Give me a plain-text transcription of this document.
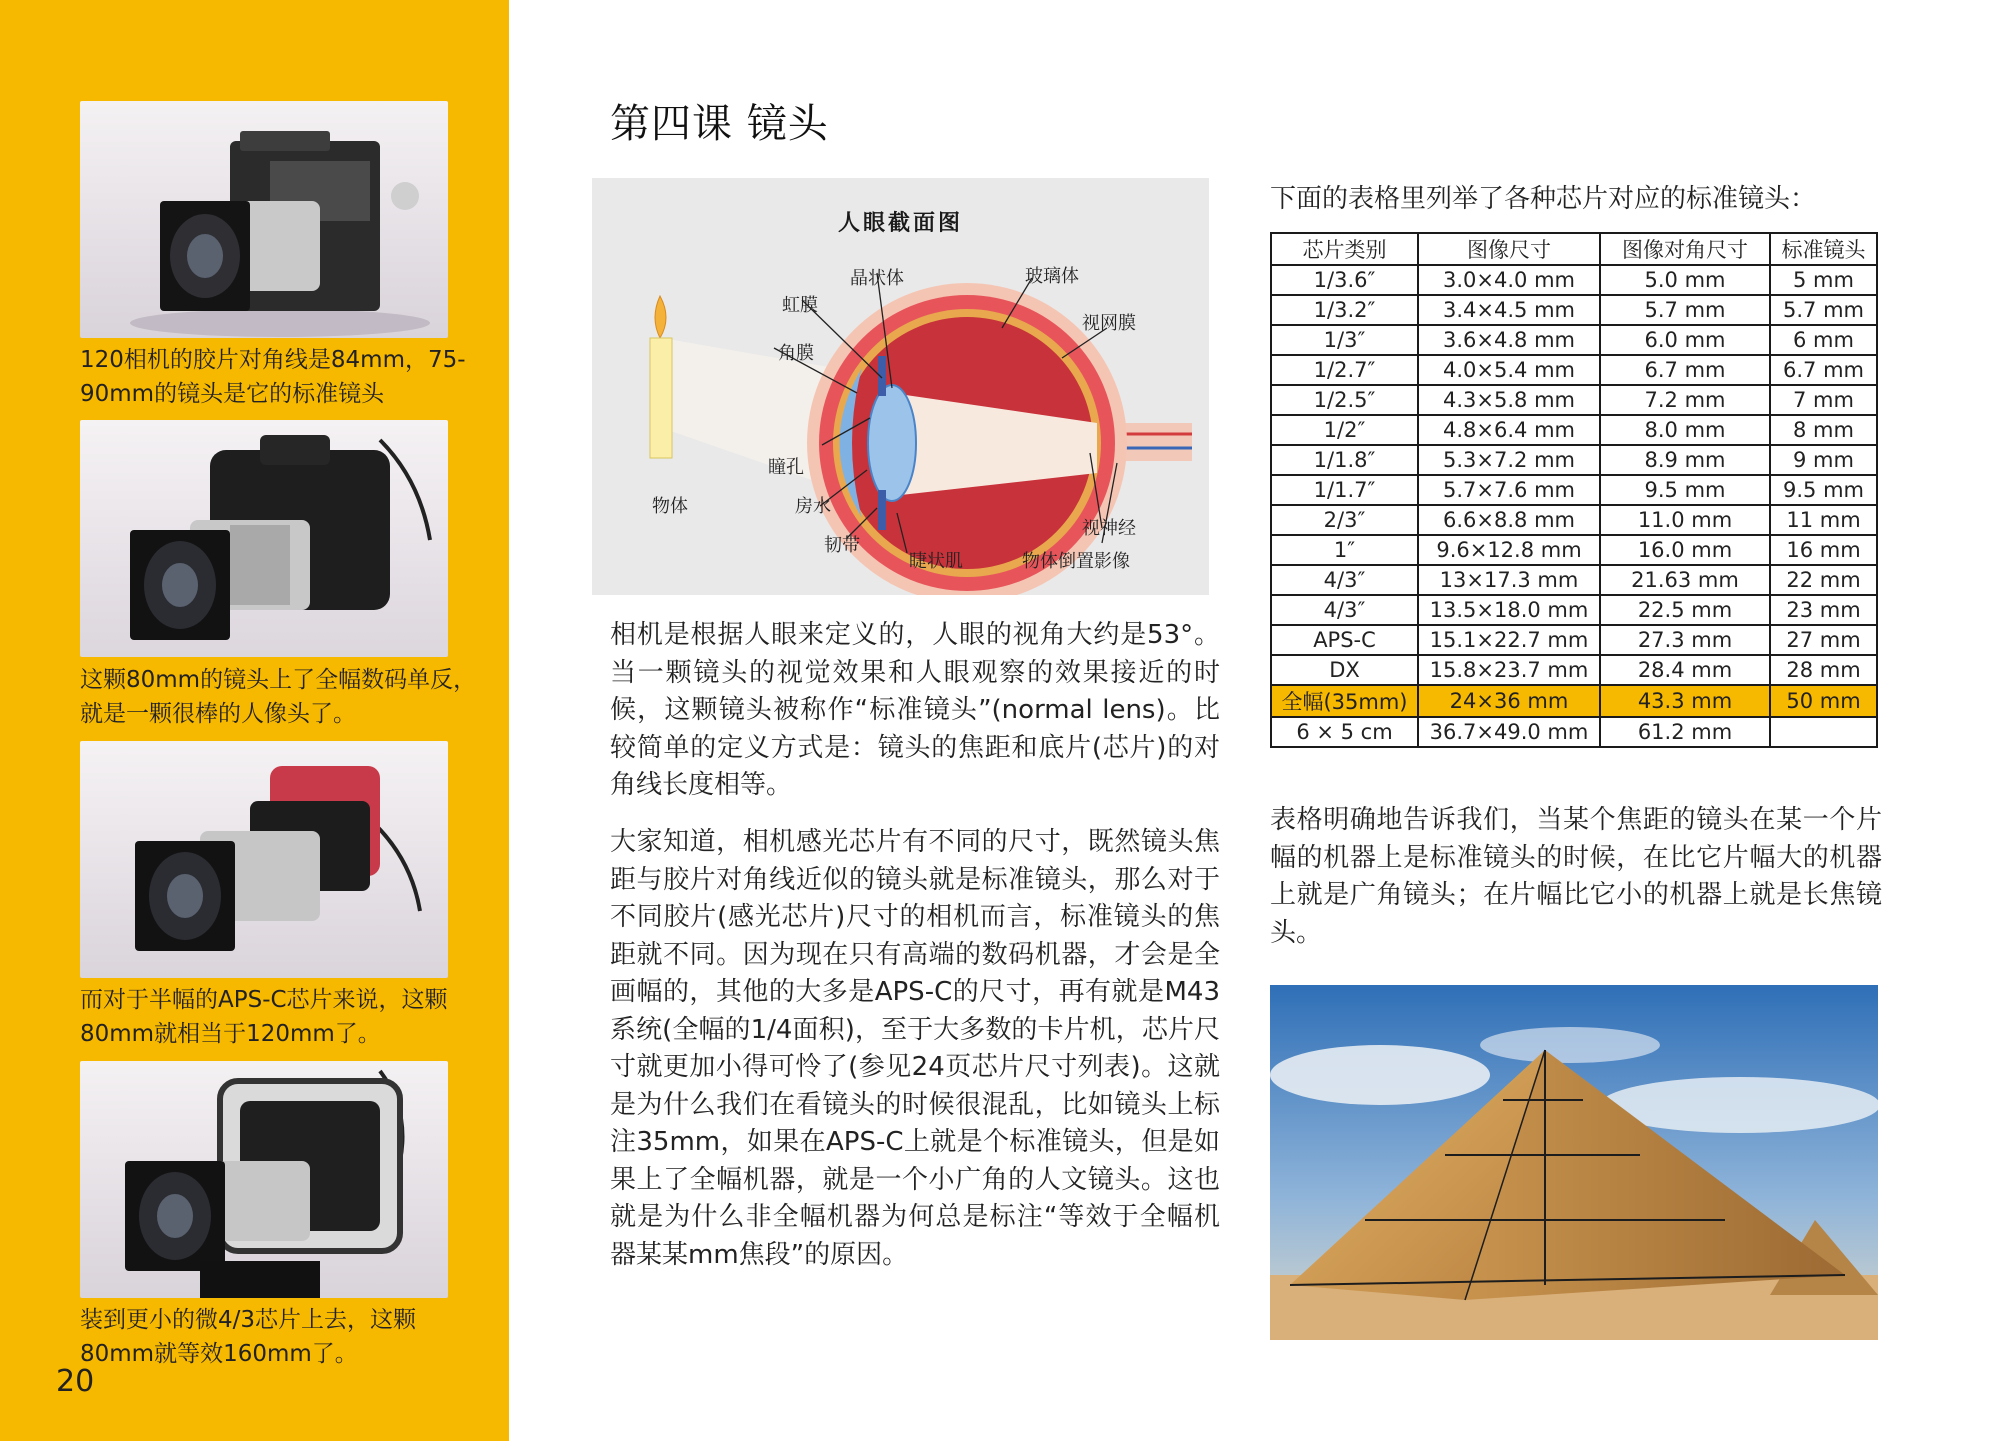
120相机的胶片对角线是84mm，75-90mm的镜头是它的标准镜头
这颗80mm的镜头上了全幅数码单反，就是一颗很棒的人像头了。
而对于半幅的APS-C芯片来说，这颗80mm就相当于120mm了。
装到更小的微4/3芯片上去，这颗80mm就等效160mm了。
20
第四课 镜头
人眼截面图
晶状体	玻璃体
虹膜
视网膜
角膜
瞳孔
物体	房水
视神经
韧带
睫状肌	物体倒置影像
相机是根据人眼来定义的，人眼的视角大约是53°。当一颗镜头的视觉效果和人眼观察的效果接近的时候，这颗镜头被称作“标准镜头”(normal lens)。比较简单的定义方式是：镜头的焦距和底片(芯片)的对角线长度相等。
大家知道，相机感光芯片有不同的尺寸，既然镜头焦距与胶片对角线近似的镜头就是标准镜头，那么对于不同胶片(感光芯片)尺寸的相机而言，标准镜头的焦距就不同。因为现在只有高端的数码机器，才会是全画幅的，其他的大多是APS-C的尺寸，再有就是M43系统(全幅的1/4面积)，至于大多数的卡片机，芯片尺寸就更加小得可怜了(参见24页芯片尺寸列表)。这就是为什么我们在看镜头的时候很混乱，比如镜头上标注35mm，如果在APS-C上就是个标准镜头，但是如果上了全幅机器，就是一个小广角的人文镜头。这也就是为什么非全幅机器为何总是标注“等效于全幅机器某某mm焦段”的原因。
下面的表格里列举了各种芯片对应的标准镜头：
芯片类别	图像尺寸	图像对角尺寸	标准镜头
1/3.6″	3.0×4.0 mm	5.0 mm	5 mm
1/3.2″	3.4×4.5 mm	5.7 mm	5.7 mm
1/3″	3.6×4.8 mm	6.0 mm	6 mm
1/2.7″	4.0×5.4 mm	6.7 mm	6.7 mm
1/2.5″	4.3×5.8 mm	7.2 mm	7 mm
1/2″	4.8×6.4 mm	8.0 mm	8 mm
1/1.8″	5.3×7.2 mm	8.9 mm	9 mm
1/1.7″	5.7×7.6 mm	9.5 mm	9.5 mm
2/3″	6.6×8.8 mm	11.0 mm	11 mm
1″	9.6×12.8 mm	16.0 mm	16 mm
4/3″	13×17.3 mm	21.63 mm	22 mm
4/3″	13.5×18.0 mm	22.5 mm	23 mm
APS-C	15.1×22.7 mm	27.3 mm	27 mm
DX	15.8×23.7 mm	28.4 mm	28 mm
全幅(35mm)	24×36 mm	43.3 mm	50 mm
6 × 5 cm	36.7×49.0 mm	61.2 mm	
表格明确地告诉我们，当某个焦距的镜头在某一个片幅的机器上是标准镜头的时候，在比它片幅大的机器上就是广角镜头；在片幅比它小的机器上就是长焦镜头。
